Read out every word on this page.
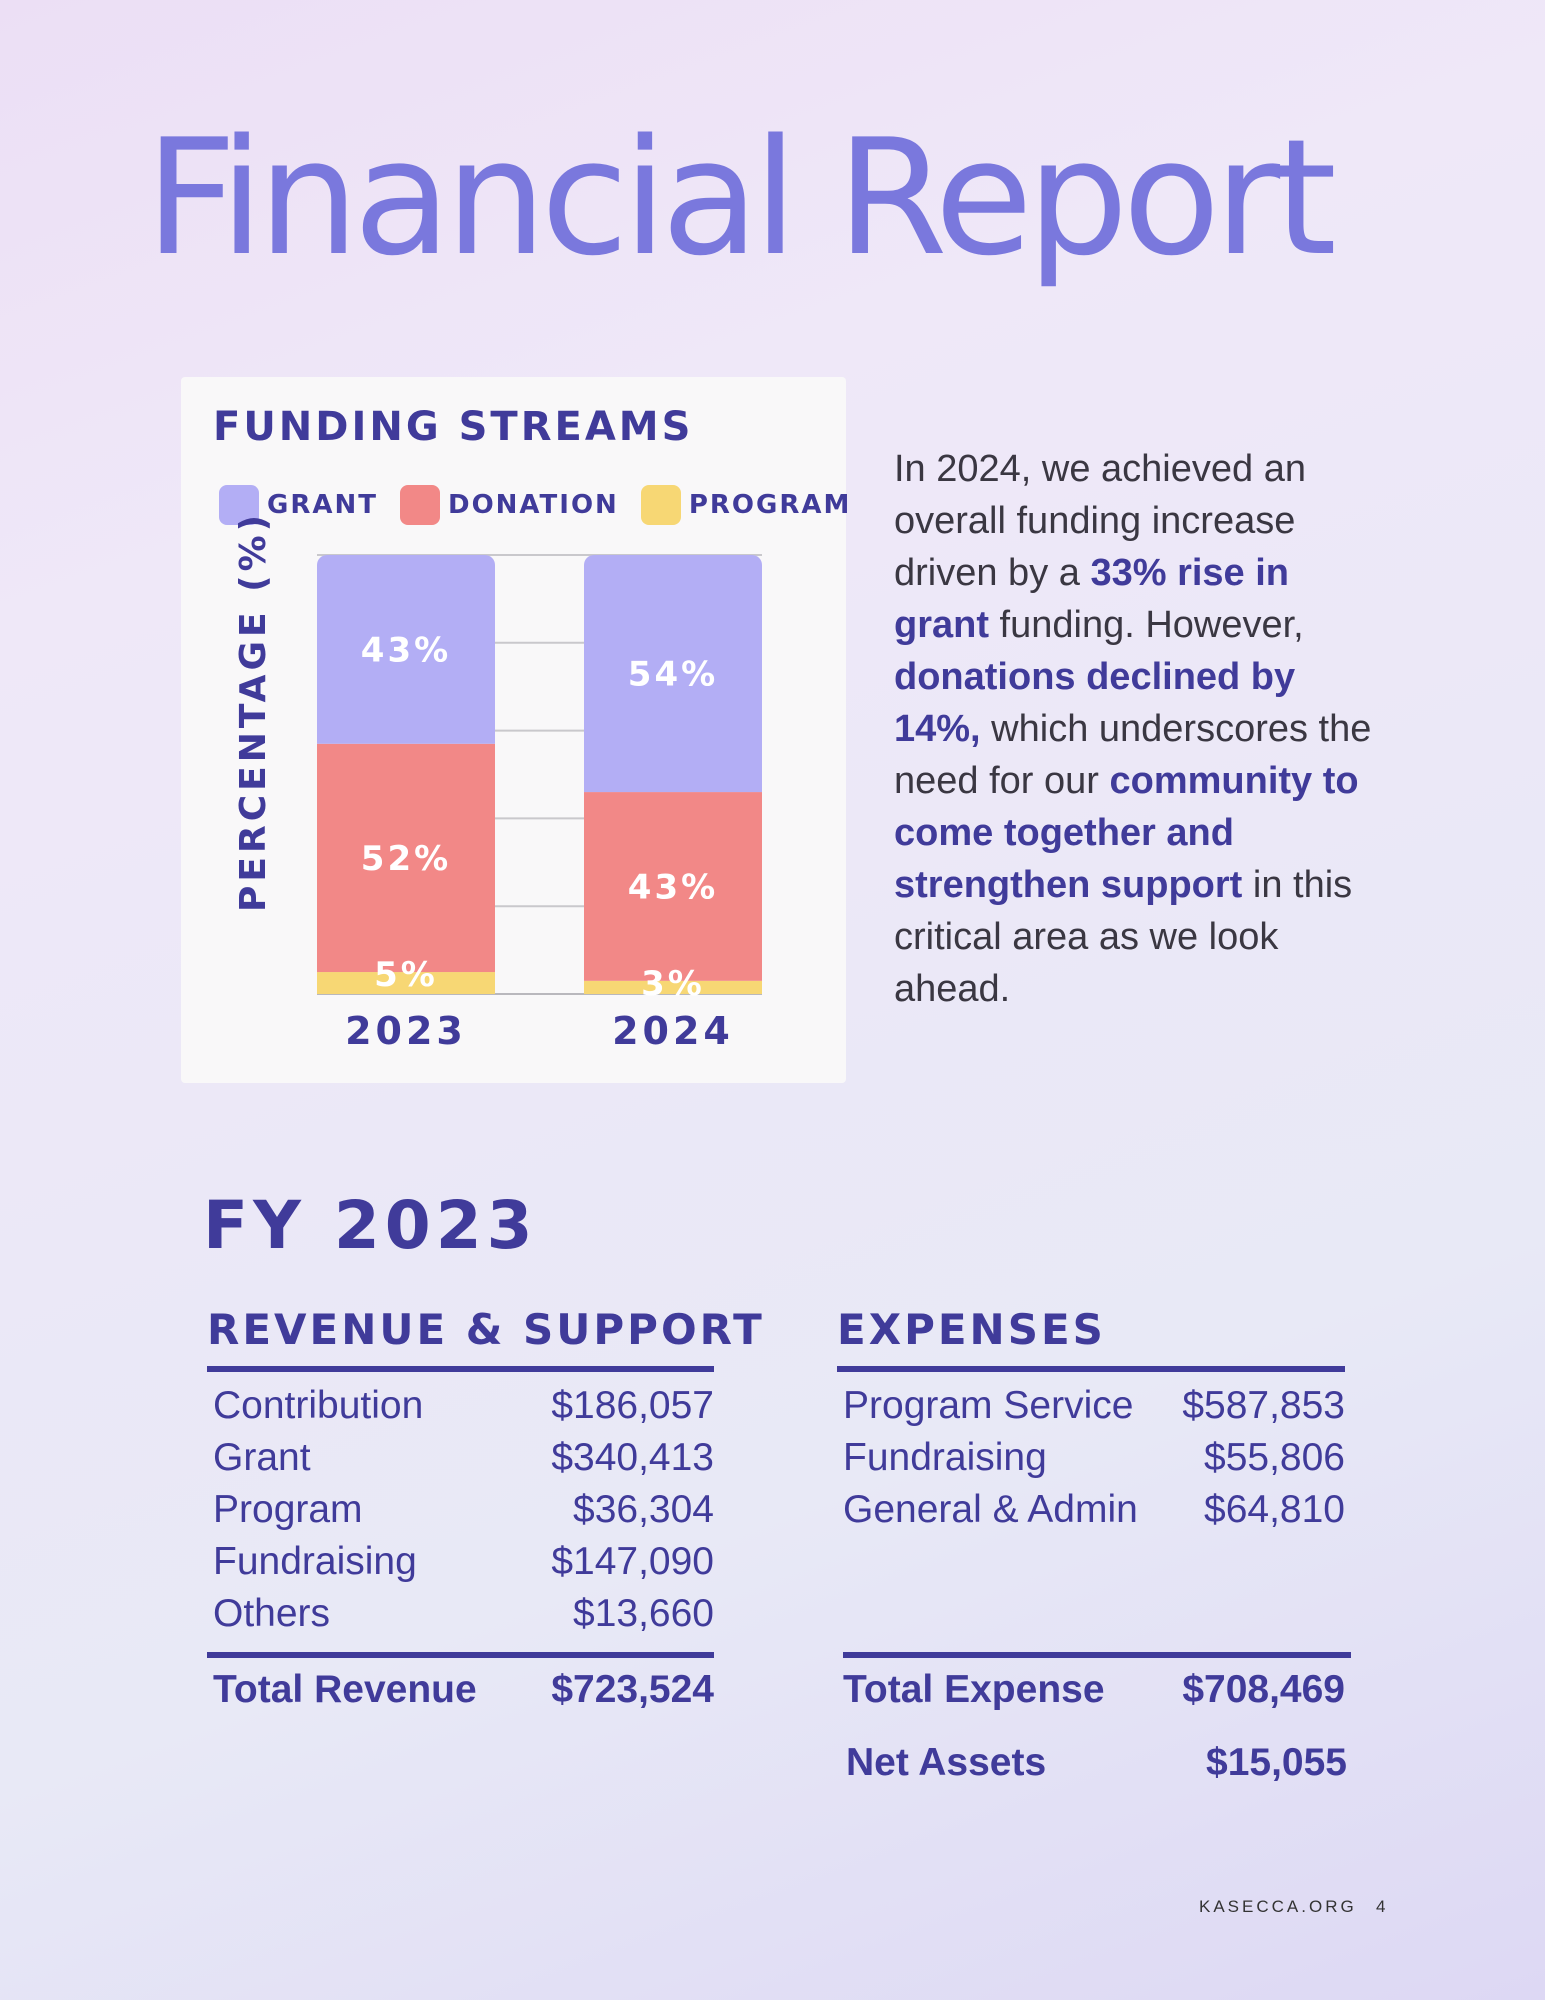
Financial Report
FUNDING STREAMS
GRANT	DONATION	PROGRAM
PERCENTAGE (%)
5%
52%
43%
2023
3%
43%
54%
2024
In 2024, we achieved an overall funding increase driven by a 33% rise in grant funding. However, donations declined by 14%, which underscores the need for our community to come together and strengthen support in this critical area as we look ahead.
FY 2023
REVENUE & SUPPORT
Contribution	$186,057
Grant	$340,413
Program	$36,304
Fundraising	$147,090
Others	$13,660
Total Revenue $723,524
EXPENSES
Program Service $587,853
Fundraising	$55,806
General & Admin $64,810
Total Expense $708,469
Net Assets	$15,055
KASECCA.ORG 4
